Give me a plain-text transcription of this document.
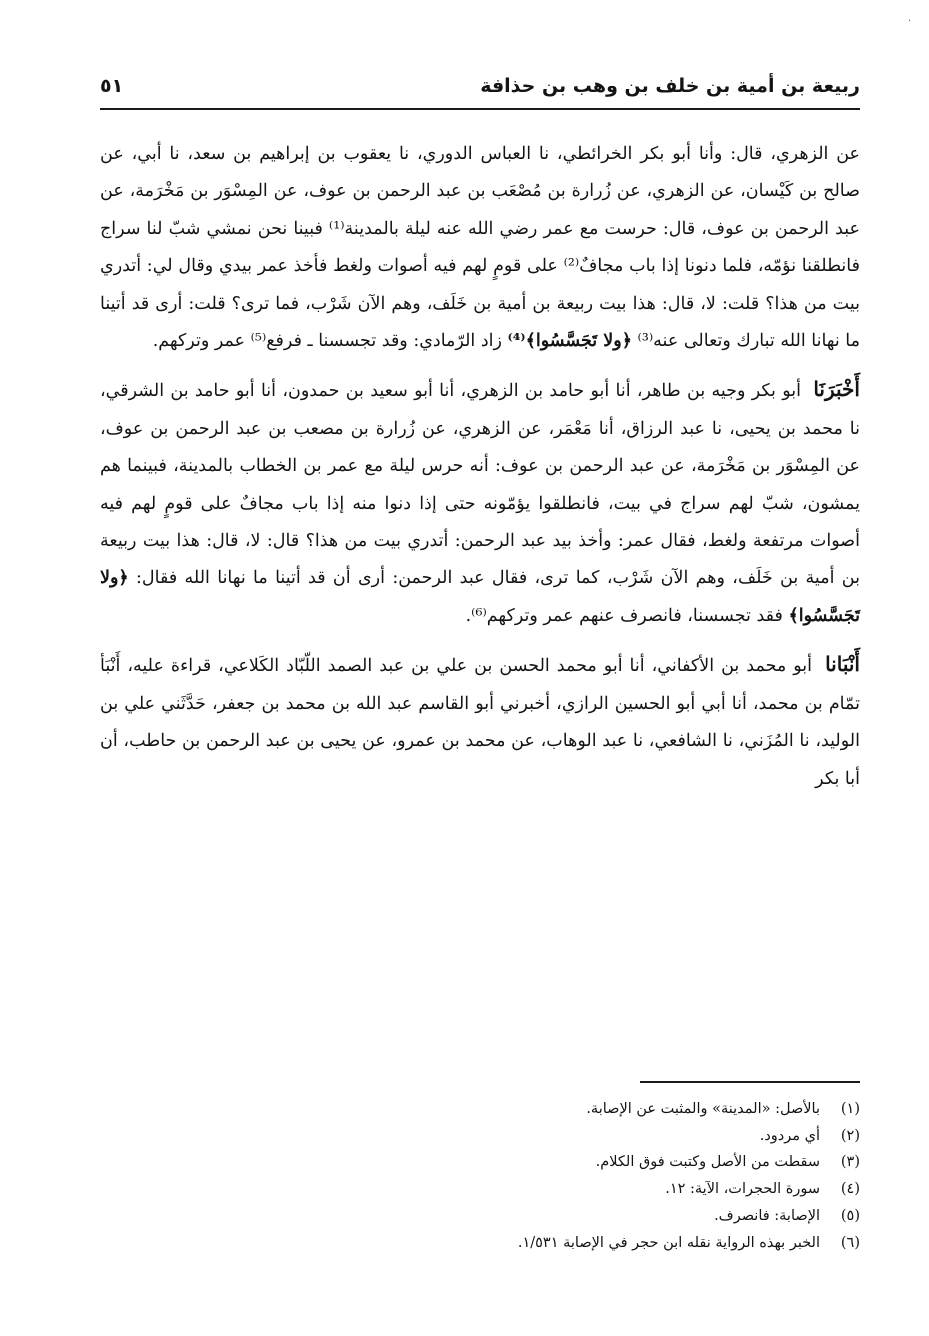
·
ربيعة بن أمية بن خلف بن وهب بن حذافة
٥١

عن الزهري، قال: وأنا أبو بكر الخرائطي، نا العباس الدوري، نا يعقوب بن إبراهيم بن سعد، نا أبي، عن صالح بن كَيْسان، عن الزهري، عن زُرارة بن مُصْعَب بن عبد الرحمن بن عوف، عن المِسْوَر بن مَخْرَمة، عن عبد الرحمن بن عوف، قال: حرست مع عمر رضي الله عنه ليلة بالمدينة⁽¹⁾ فبينا نحن نمشي شبّ لنا سراج فانطلقنا نؤمّه، فلما دنونا إذا باب مجافٌ⁽²⁾ على قومٍ لهم فيه أصوات ولغط فأخذ عمر بيدي وقال لي: أتدري بيت من هذا؟ قلت: لا، قال: هذا بيت ربيعة بن أمية بن خَلَف، وهم الآن شَرْب، فما ترى؟ قلت: أرى قد أتينا ما نهانا الله تبارك وتعالى عنه⁽³⁾ ﴿ولا تَجَسَّسُوا﴾⁽⁴⁾ زاد الرّمادي: وقد تجسسنا ـ فرفع⁽⁵⁾ عمر وتركهم.

أَخْبَرَنَا أبو بكر وجيه بن طاهر، أنا أبو حامد بن الزهري، أنا أبو سعيد بن حمدون، أنا أبو حامد بن الشرقي، نا محمد بن يحيى، نا عبد الرزاق، أنا مَعْمَر، عن الزهري، عن زُرارة بن مصعب بن عبد الرحمن بن عوف، عن المِسْوَر بن مَخْرَمة، عن عبد الرحمن بن عوف: أنه حرس ليلة مع عمر بن الخطاب بالمدينة، فبينما هم يمشون، شبّ لهم سراج في بيت، فانطلقوا يؤمّونه حتى إذا دنوا منه إذا باب مجافٌ على قومٍ لهم فيه أصوات مرتفعة ولغط، فقال عمر: وأخذ بيد عبد الرحمن: أتدري بيت من هذا؟ قال: لا، قال: هذا بيت ربيعة بن أمية بن خَلَف، وهم الآن شَرْب، كما ترى، فقال عبد الرحمن: أرى أن قد أتينا ما نهانا الله فقال: ﴿ولا تَجَسَّسُوا﴾ فقد تجسسنا، فانصرف عنهم عمر وتركهم⁽⁶⁾.

أَنْبَانا أبو محمد بن الأكفاني، أنا أبو محمد الحسن بن علي بن عبد الصمد اللّبّاد الكَلاعي، قراءة عليه، أَنْبَأ تمّام بن محمد، أنا أبي أبو الحسين الرازي، أخبرني أبو القاسم عبد الله بن محمد بن جعفر، حَدَّثَني علي بن الوليد، نا المُزَني، نا الشافعي، نا عبد الوهاب، عن محمد بن عمرو، عن يحيى بن عبد الرحمن بن حاطب، أن أبا بكر

(١)
بالأصل: «المدينة» والمثبت عن الإصابة.
(٢)
أي مردود.
(٣)
سقطت من الأصل وكتبت فوق الكلام.
(٤)
سورة الحجرات، الآية: ١٢.
(٥)
الإصابة: فانصرف.
(٦)
الخبر بهذه الرواية نقله ابن حجر في الإصابة ١/٥٣١.
